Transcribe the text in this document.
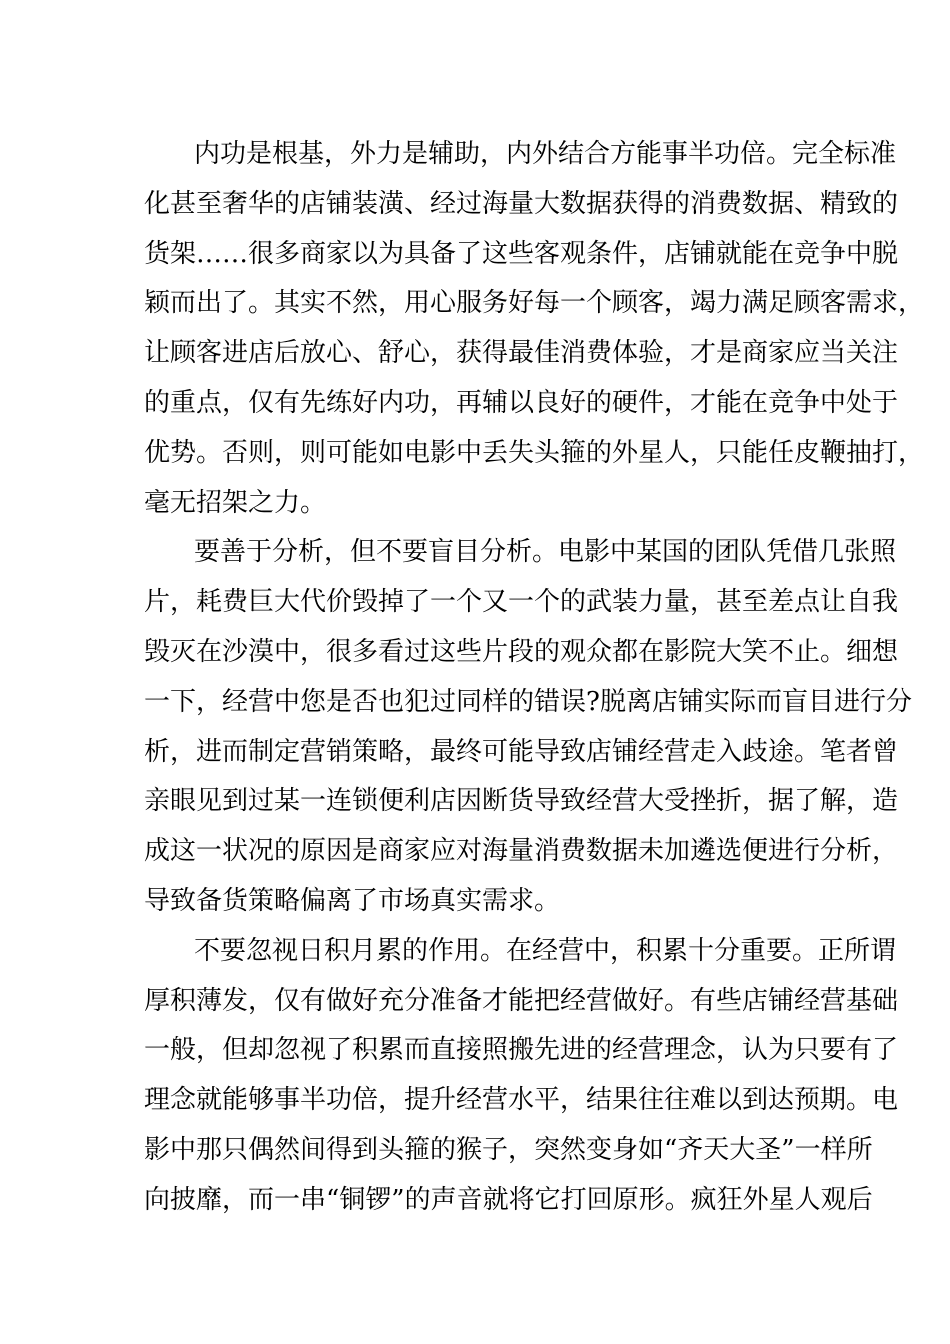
内功是根基，外力是辅助，内外结合方能事半功倍。完全标准
化甚至奢华的店铺装潢、经过海量大数据获得的消费数据、精致的
货架……很多商家以为具备了这些客观条件，店铺就能在竞争中脱
颖而出了。其实不然，用心服务好每一个顾客，竭力满足顾客需求，
让顾客进店后放心、舒心，获得最佳消费体验，才是商家应当关注
的重点，仅有先练好内功，再辅以良好的硬件，才能在竞争中处于
优势。否则，则可能如电影中丢失头箍的外星人，只能任皮鞭抽打，
毫无招架之力。
要善于分析，但不要盲目分析。电影中某国的团队凭借几张照
片，耗费巨大代价毁掉了一个又一个的武装力量，甚至差点让自我
毁灭在沙漠中，很多看过这些片段的观众都在影院大笑不止。细想
一下，经营中您是否也犯过同样的错误?脱离店铺实际而盲目进行分
析，进而制定营销策略，最终可能导致店铺经营走入歧途。笔者曾
亲眼见到过某一连锁便利店因断货导致经营大受挫折，据了解，造
成这一状况的原因是商家应对海量消费数据未加遴选便进行分析，
导致备货策略偏离了市场真实需求。
不要忽视日积月累的作用。在经营中，积累十分重要。正所谓
厚积薄发，仅有做好充分准备才能把经营做好。有些店铺经营基础
一般，但却忽视了积累而直接照搬先进的经营理念，认为只要有了
理念就能够事半功倍，提升经营水平，结果往往难以到达预期。电
影中那只偶然间得到头箍的猴子，突然变身如“齐天大圣”一样所
向披靡，而一串“铜锣”的声音就将它打回原形。疯狂外星人观后
